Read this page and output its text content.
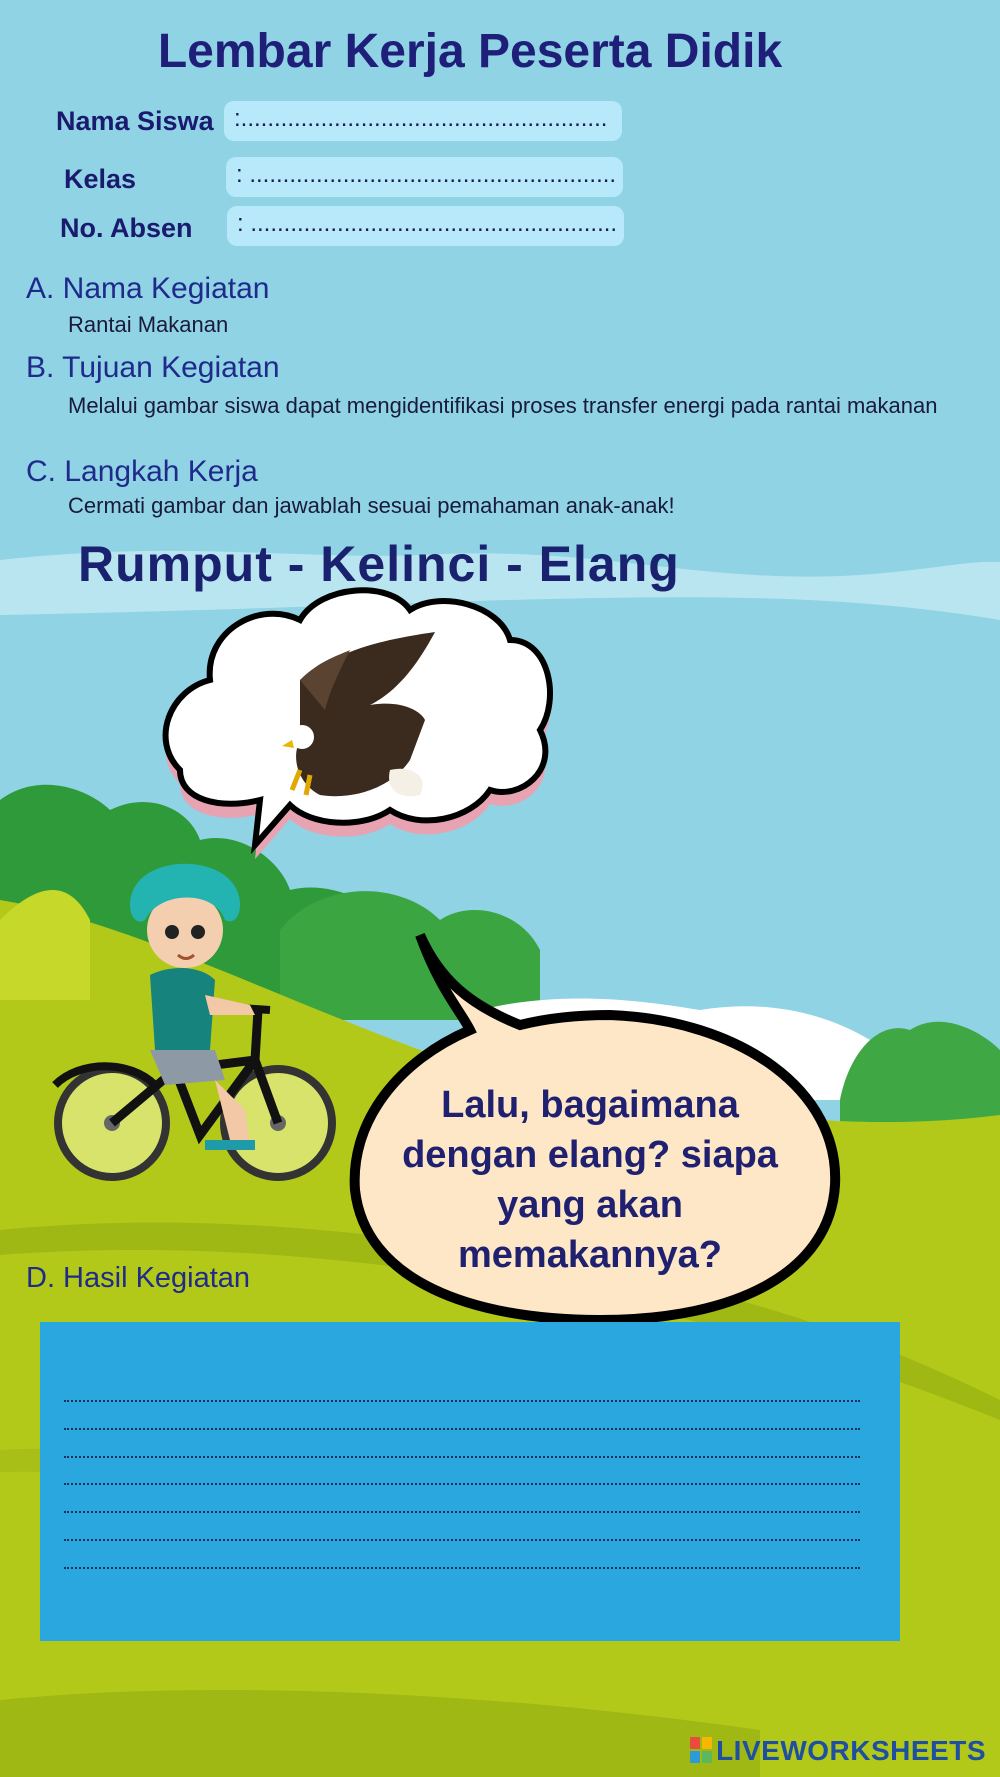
Lembar Kerja Peserta Didik
Nama Siswa :.......................................................
Kelas	: .......................................................
No. Absen	: .......................................................
A. Nama Kegiatan
Rantai Makanan
B. Tujuan Kegiatan
Melalui gambar siswa dapat mengidentifikasi proses transfer energi pada rantai makanan
C. Langkah Kerja
Cermati gambar dan jawablah sesuai pemahaman anak-anak!
Rumput - Kelinci - Elang
Lalu, bagaimana
dengan elang? siapa
yang akan
memakannya?
D. Hasil Kegiatan
LIVEWORKSHEETS
